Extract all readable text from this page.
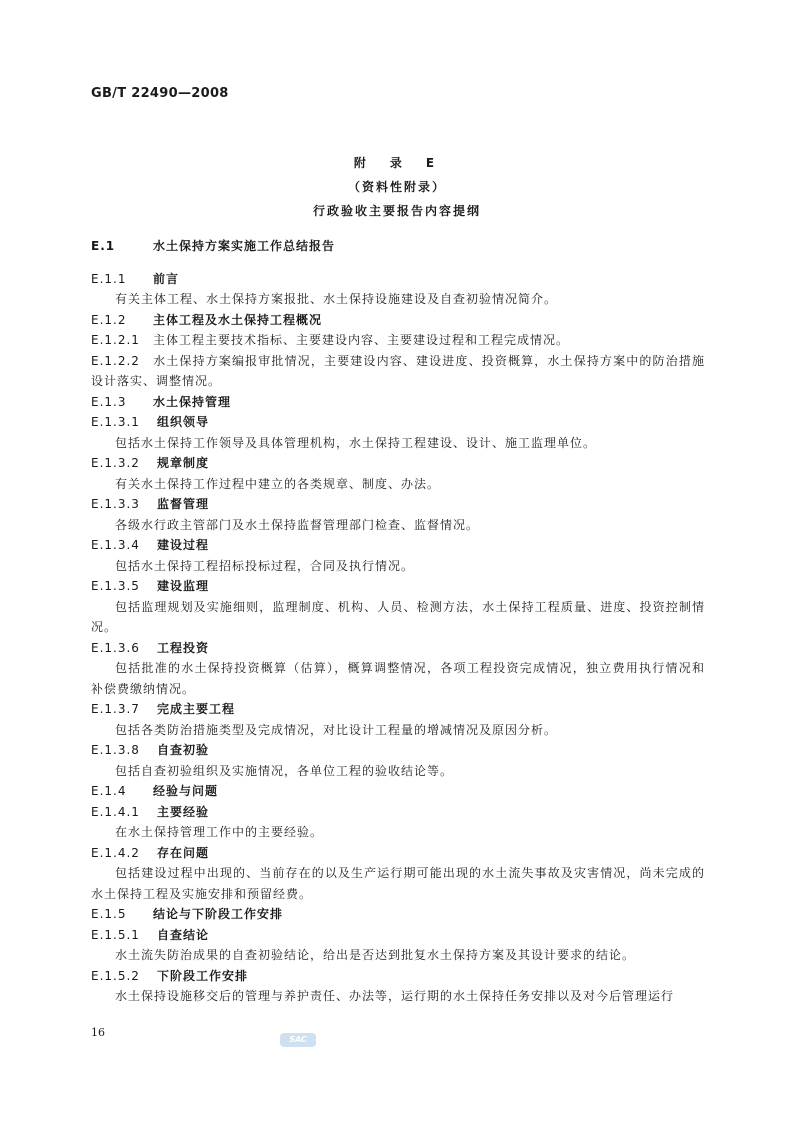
GB/T 22490—2008
附　录　E
（资料性附录）
行政验收主要报告内容提纲
E.1	水土保持方案实施工作总结报告
E.1.1 前言
有关主体工程、水土保持方案报批、水土保持设施建设及自查初验情况简介。
E.1.2 主体工程及水土保持工程概况
E.1.2.1 主体工程主要技术指标、主要建设内容、主要建设过程和工程完成情况。
E.1.2.2 水土保持方案编报审批情况，主要建设内容、建设进度、投资概算，水土保持方案中的防治措施设计落实、调整情况。
E.1.3 水土保持管理
E.1.3.1 组织领导
包括水土保持工作领导及具体管理机构，水土保持工程建设、设计、施工监理单位。
E.1.3.2 规章制度
有关水土保持工作过程中建立的各类规章、制度、办法。
E.1.3.3 监督管理
各级水行政主管部门及水土保持监督管理部门检查、监督情况。
E.1.3.4 建设过程
包括水土保持工程招标投标过程，合同及执行情况。
E.1.3.5 建设监理
包括监理规划及实施细则，监理制度、机构、人员、检测方法，水土保持工程质量、进度、投资控制情况。
E.1.3.6 工程投资
包括批准的水土保持投资概算（估算），概算调整情况，各项工程投资完成情况，独立费用执行情况和补偿费缴纳情况。
E.1.3.7 完成主要工程
包括各类防治措施类型及完成情况，对比设计工程量的增减情况及原因分析。
E.1.3.8 自查初验
包括自查初验组织及实施情况，各单位工程的验收结论等。
E.1.4 经验与问题
E.1.4.1 主要经验
在水土保持管理工作中的主要经验。
E.1.4.2 存在问题
包括建设过程中出现的、当前存在的以及生产运行期可能出现的水土流失事故及灾害情况，尚未完成的水土保持工程及实施安排和预留经费。
E.1.5 结论与下阶段工作安排
E.1.5.1 自查结论
水土流失防治成果的自查初验结论，给出是否达到批复水土保持方案及其设计要求的结论。
E.1.5.2 下阶段工作安排
水土保持设施移交后的管理与养护责任、办法等，运行期的水土保持任务安排以及对今后管理运行
16
SAC
